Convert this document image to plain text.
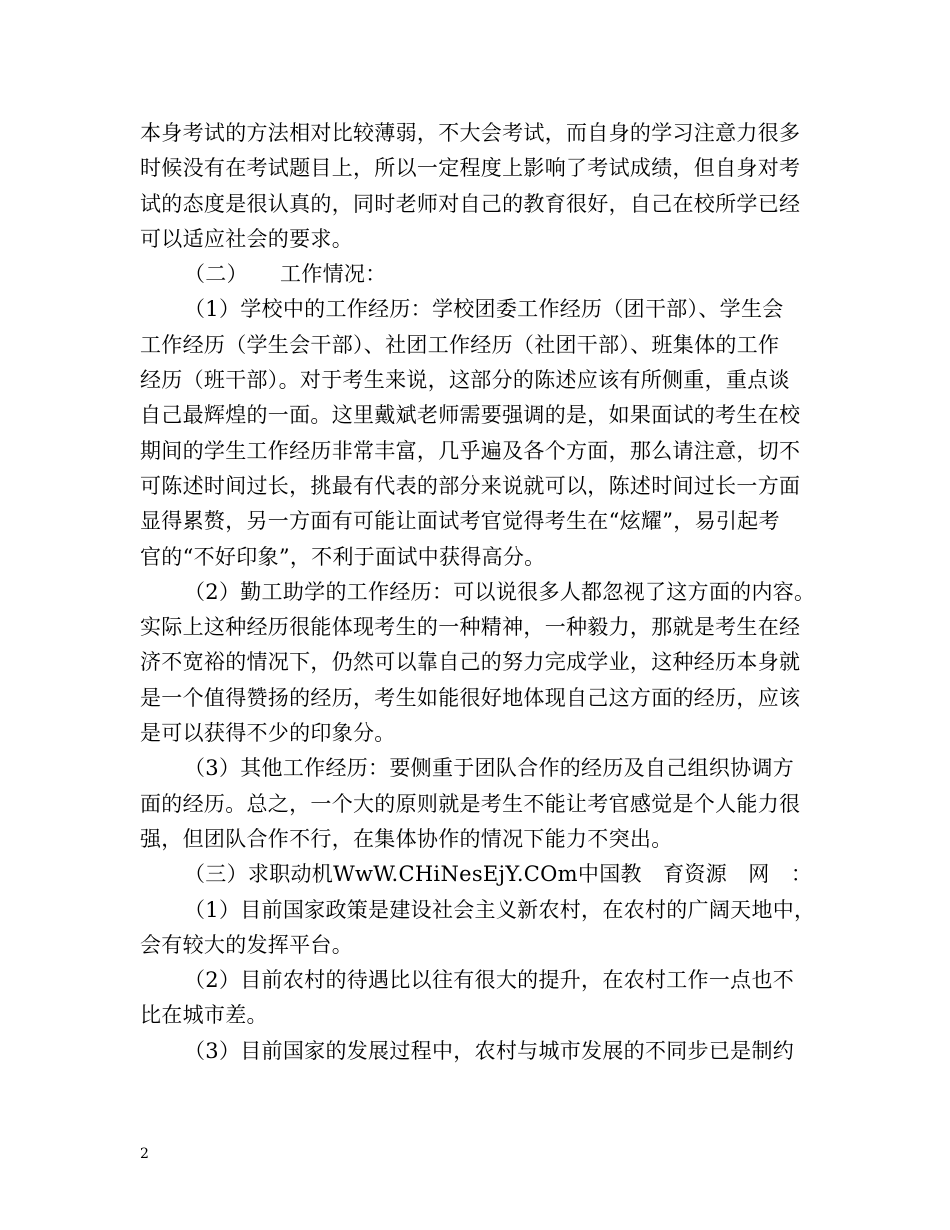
本身考试的方法相对比较薄弱，不大会考试，而自身的学习注意力很多
时候没有在考试题目上，所以一定程度上影响了考试成绩，但自身对考
试的态度是很认真的，同时老师对自己的教育很好，自己在校所学已经
可以适应社会的要求。
（二）　　工作情况：
（1）学校中的工作经历：学校团委工作经历（团干部）、学生会
工作经历（学生会干部）、社团工作经历（社团干部）、班集体的工作
经历（班干部）。对于考生来说，这部分的陈述应该有所侧重，重点谈
自己最辉煌的一面。这里戴斌老师需要强调的是，如果面试的考生在校
期间的学生工作经历非常丰富，几乎遍及各个方面，那么请注意，切不
可陈述时间过长，挑最有代表的部分来说就可以，陈述时间过长一方面
显得累赘，另一方面有可能让面试考官觉得考生在“炫耀”，易引起考
官的“不好印象”，不利于面试中获得高分。
（2）勤工助学的工作经历：可以说很多人都忽视了这方面的内容。
实际上这种经历很能体现考生的一种精神，一种毅力，那就是考生在经
济不宽裕的情况下，仍然可以靠自己的努力完成学业，这种经历本身就
是一个值得赞扬的经历，考生如能很好地体现自己这方面的经历，应该
是可以获得不少的印象分。
（3）其他工作经历：要侧重于团队合作的经历及自己组织协调方
面的经历。总之，一个大的原则就是考生不能让考官感觉是个人能力很
强，但团队合作不行，在集体协作的情况下能力不突出。
（三）求职动机WwW.CHiNesEjY.COm中国教　育资源　网　：
（1）目前国家政策是建设社会主义新农村，在农村的广阔天地中，
会有较大的发挥平台。
（2）目前农村的待遇比以往有很大的提升，在农村工作一点也不
比在城市差。
（3）目前国家的发展过程中，农村与城市发展的不同步已是制约
2
